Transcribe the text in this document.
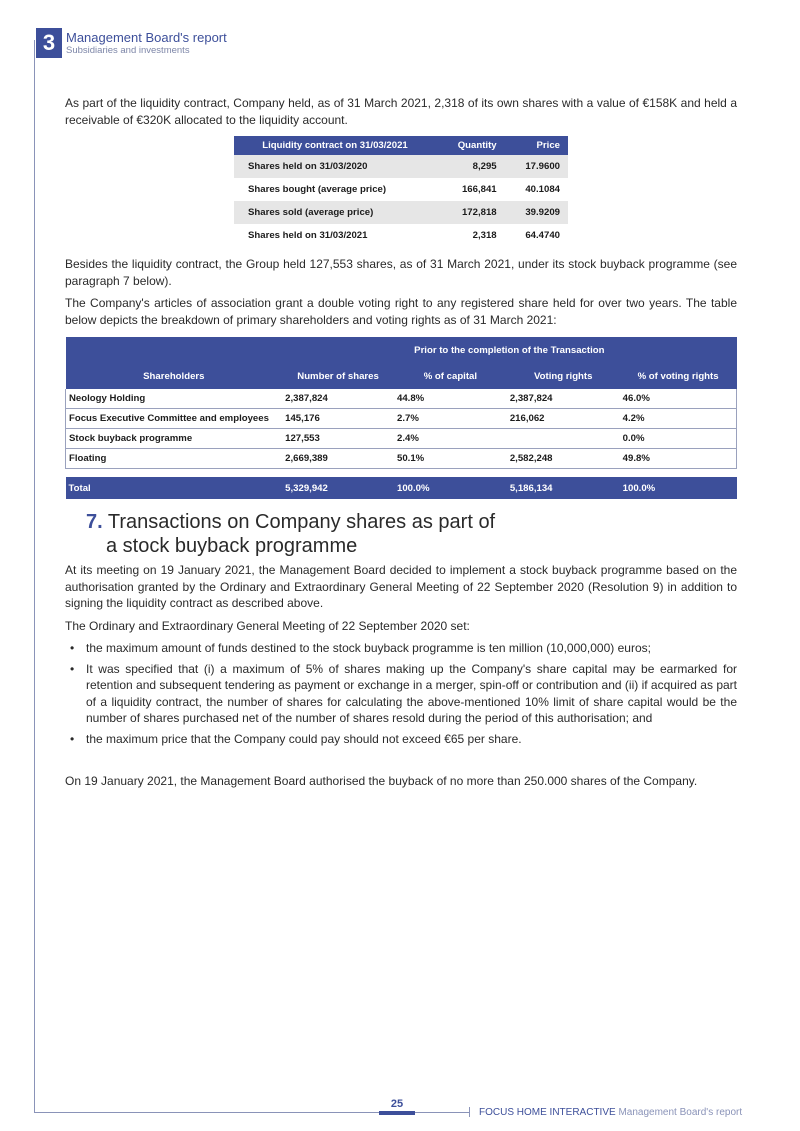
3 Management Board's report
Subsidiaries and investments

As part of the liquidity contract, Company held, as of 31 March 2021, 2,318 of its own shares with a value of €158K and held a receivable of €320K allocated to the liquidity account.

Liquidity contract on 31/03/2021	Quantity	Price
Shares held on 31/03/2020	8,295	17.9600
Shares bought (average price)	166,841	40.1084
Shares sold (average price)	172,818	39.9209
Shares held on 31/03/2021	2,318	64.4740

Besides the liquidity contract, the Group held 127,553 shares, as of 31 March 2021, under its stock buyback programme (see paragraph 7 below).

The Company's articles of association grant a double voting right to any registered share held for over two years. The table below depicts the breakdown of primary shareholders and voting rights as of 31 March 2021:

	Prior to the completion of the Transaction			
Shareholders	Number of shares	% of capital	Voting rights	% of voting rights
Neology Holding	2,387,824	44.8%	2,387,824	46.0%
Focus Executive Committee and employees	145,176	2.7%	216,062	4.2%
Stock buyback programme	127,553	2.4%		0.0%
Floating	2,669,389	50.1%	2,582,248	49.8%

Total	5,329,942	100.0%	5,186,134	100.0%
7. Transactions on Company shares as part of
a stock buyback programme

At its meeting on 19 January 2021, the Management Board decided to implement a stock buyback programme based on the authorisation granted by the Ordinary and Extraordinary General Meeting of 22 September 2020 (Resolution 9) in addition to signing the liquidity contract as described above.

The Ordinary and Extraordinary General Meeting of 22 September 2020 set:

• the maximum amount of funds destined to the stock buyback programme is ten million (10,000,000) euros;
• It was specified that (i) a maximum of 5% of shares making up the Company's share capital may be earmarked for retention and subsequent tendering as payment or exchange in a merger, spin-off or contribution and (ii) if acquired as part of a liquidity contract, the number of shares for calculating the above-mentioned 10% limit of share capital would be the number of shares purchased net of the number of shares resold during the period of this authorisation; and
• the maximum price that the Company could pay should not exceed €65 per share.

On 19 January 2021, the Management Board authorised the buyback of no more than 250.000 shares of the Company.

25
FOCUS HOME INTERACTIVE Management Board's report
